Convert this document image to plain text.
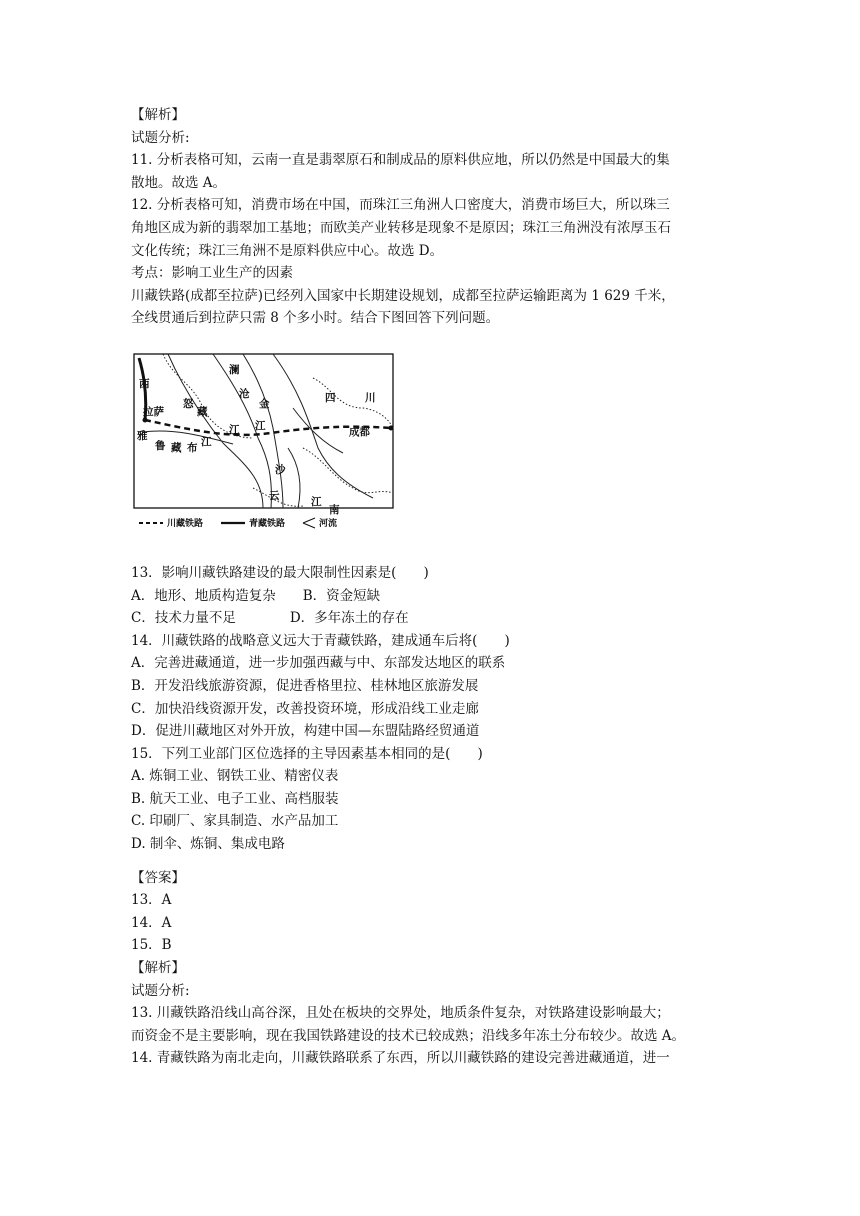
【解析】

试题分析:

11. 分析表格可知，云南一直是翡翠原石和制成品的原料供应地，所以仍然是中国最大的集

散地。故选 A。

12. 分析表格可知，消费市场在中国，而珠江三角洲人口密度大，消费市场巨大，所以珠三

角地区成为新的翡翠加工基地；而欧美产业转移是现象不是原因；珠江三角洲没有浓厚玉石

文化传统；珠江三角洲不是原料供应中心。故选 D。

考点：影响工业生产的因素

川藏铁路(成都至拉萨)已经列入国家中长期建设规划，成都至拉萨运输距离为 1 629 千米，

全线贯通后到拉萨只需 8 个多小时。结合下图回答下列问题。

西
怒
澜
拉萨	藏
江
沧
金	四	川
雅
江	成都
鲁 藏 布 江
沙
云	江
南
川藏铁路	青藏铁路	河流

13．影响川藏铁路建设的最大限制性因素是(　　)

A．地形、地质构造复杂　　B．资金短缺

C．技术力量不足　　　　D．多年冻土的存在

14．川藏铁路的战略意义远大于青藏铁路，建成通车后将(　　)

A．完善进藏通道，进一步加强西藏与中、东部发达地区的联系

B．开发沿线旅游资源，促进香格里拉、桂林地区旅游发展

C．加快沿线资源开发，改善投资环境，形成沿线工业走廊

D．促进川藏地区对外开放，构建中国—东盟陆路经贸通道

15．下列工业部门区位选择的主导因素基本相同的是(　　)

A. 炼铜工业、钢铁工业、精密仪表

B. 航天工业、电子工业、高档服装

C. 印刷厂、家具制造、水产品加工

D. 制伞、炼铜、集成电路

【答案】

13．A

14．A

15．B

【解析】

试题分析:

13. 川藏铁路沿线山高谷深，且处在板块的交界处，地质条件复杂，对铁路建设影响最大；

而资金不是主要影响，现在我国铁路建设的技术已较成熟；沿线多年冻土分布较少。故选 A。

14. 青藏铁路为南北走向，川藏铁路联系了东西，所以川藏铁路的建设完善进藏通道，进一
